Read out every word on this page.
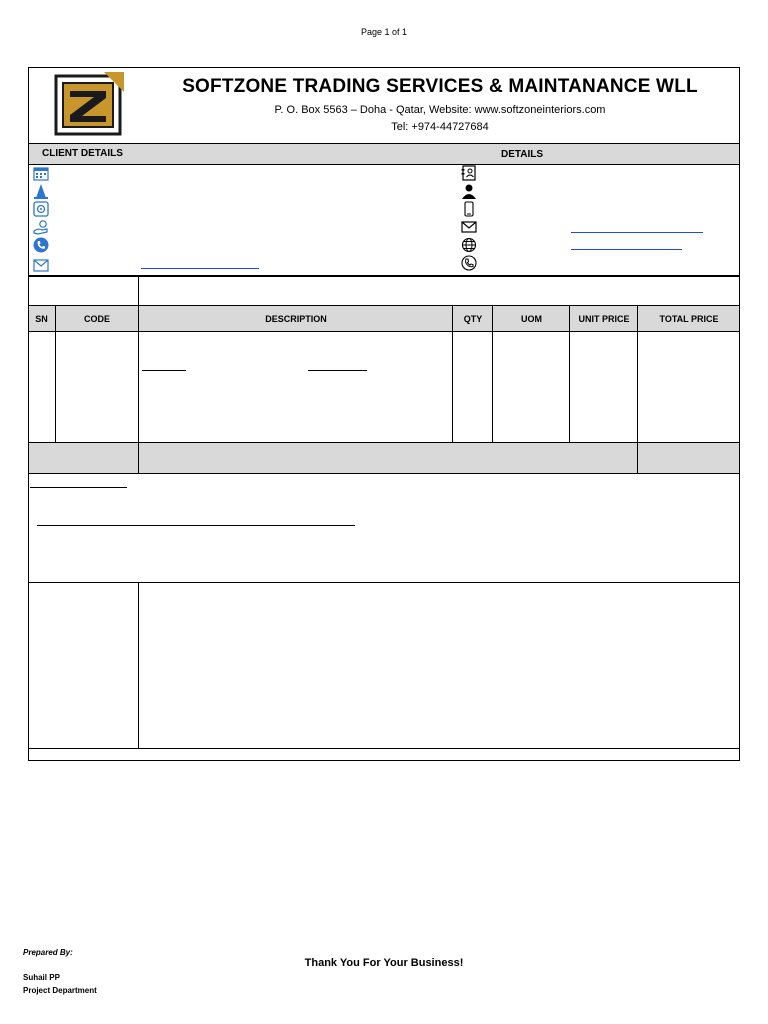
Page 1 of 1
SOFTZONE TRADING SERVICES & MAINTANANCE WLL
P. O. Box 5563 – Doha - Qatar, Website: www.softzoneinteriors.com
Tel: +974-44727684
CLIENT DETAILS	DETAILS
SN	CODE	DESCRIPTION	QTY	UOM	UNIT PRICE	TOTAL PRICE
Prepared By:
Suhail PP
Project Department
Thank You For Your Business!
